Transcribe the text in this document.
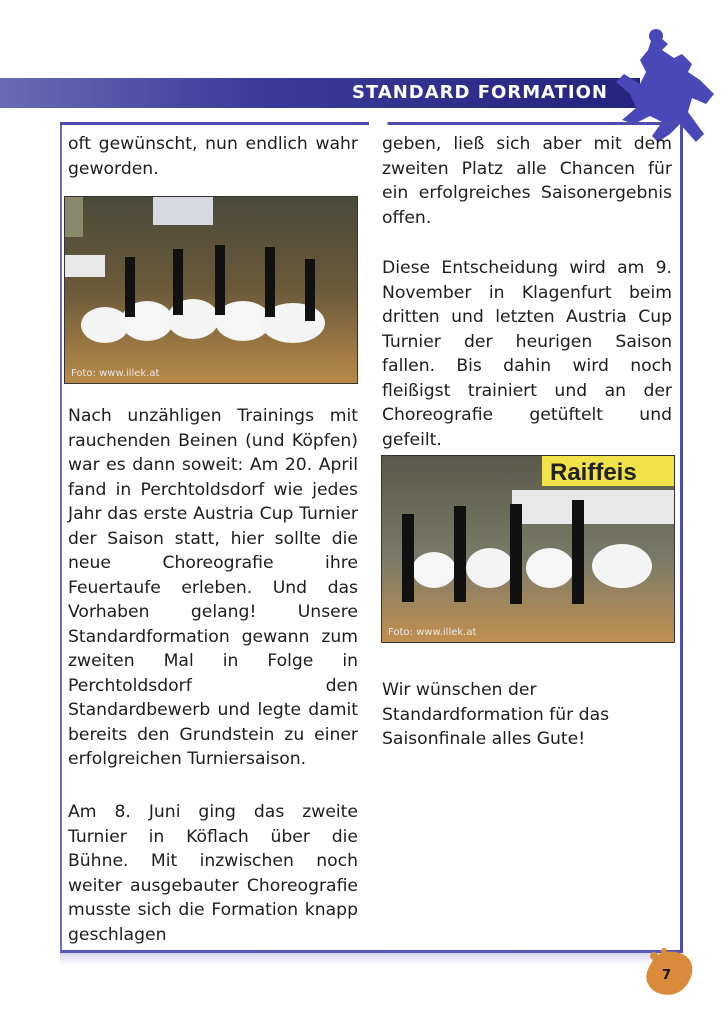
STANDARD FORMATION

oft gewünscht, nun endlich wahr geworden.

Foto: www.illek.at

Nach unzähligen Trainings mit rauchenden Beinen (und Köpfen) war es dann soweit: Am 20. April fand in Perchtoldsdorf wie jedes Jahr das erste Austria Cup Turnier der Saison statt, hier sollte die neue Choreografie ihre Feuertaufe erleben. Und das Vorhaben gelang! Unsere Standardformation gewann zum zweiten Mal in Folge in Perchtoldsdorf den Standardbewerb und legte damit bereits den Grundstein zu einer erfolgreichen Turniersaison.

Am 8. Juni ging das zweite Turnier in Köflach über die Bühne. Mit inzwischen noch weiter ausgebauter Choreografie musste sich die Formation knapp geschlagen

geben, ließ sich aber mit dem zweiten Platz alle Chancen für ein erfolgreiches Saisonergebnis offen.

Diese Entscheidung wird am 9. November in Klagenfurt beim dritten und letzten Austria Cup Turnier der heurigen Saison fallen. Bis dahin wird noch fleißigst trainiert und an der Choreografie getüftelt und gefeilt.

Raiffeis
Foto: www.illek.at

Wir wünschen der Standardformation für das Saisonfinale alles Gute!

7
